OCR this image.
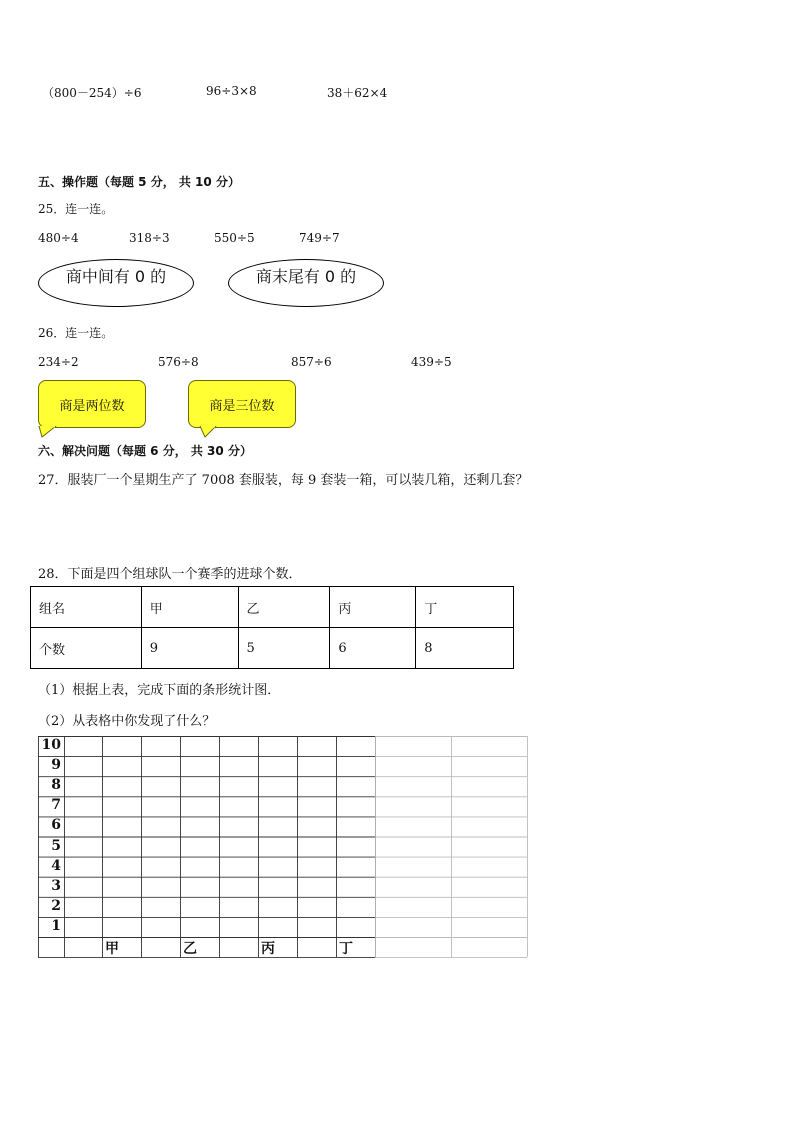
（800－254）÷6	96÷3×8	38＋62×4
五、操作题（每题 5 分， 共 10 分）
25．连一连。
480÷4	318÷3	550÷5	749÷7
商中间有 0 的	商末尾有 0 的
26．连一连。
234÷2	576÷8	857÷6	439÷5
商是两位数	商是三位数
六、解决问题（每题 6 分， 共 30 分）
27．服装厂一个星期生产了 7008 套服装，每 9 套装一箱，可以装几箱，还剩几套？
28．下面是四个组球队一个赛季的进球个数．
组名	甲	乙	丙	丁
个数	9	5	6	8
（1）根据上表，完成下面的条形统计图．
（2）从表格中你发现了什么？
10
9
8
7
6
5
4
3
2
1
甲	乙	丙	丁
